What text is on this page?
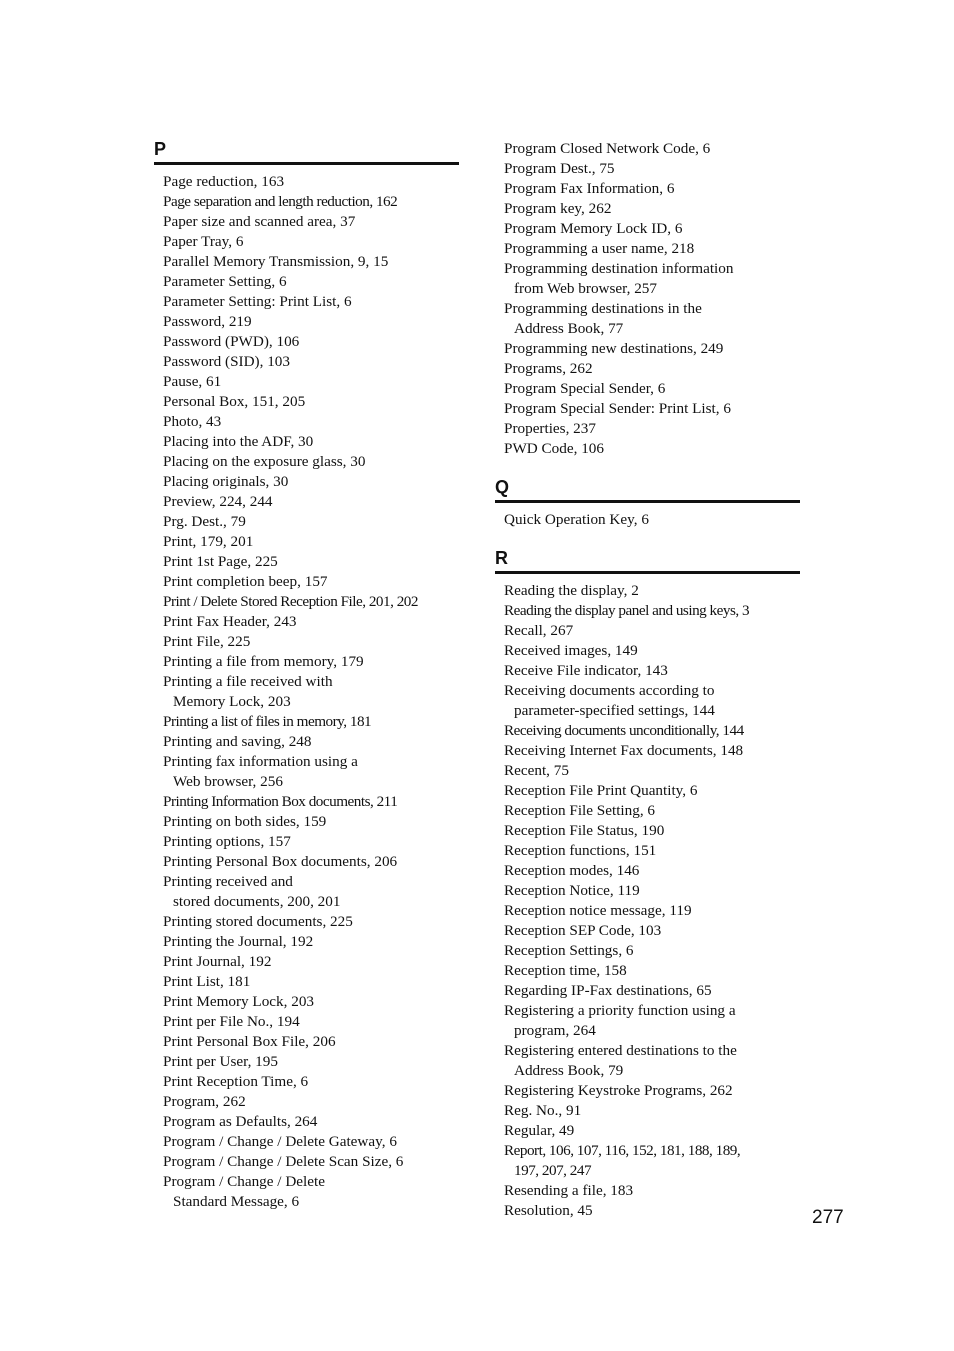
P
Page reduction, 163
Page separation and length reduction, 162
Paper size and scanned area, 37
Paper Tray, 6
Parallel Memory Transmission, 9, 15
Parameter Setting, 6
Parameter Setting: Print List, 6
Password, 219
Password (PWD), 106
Password (SID), 103
Pause, 61
Personal Box, 151, 205
Photo, 43
Placing into the ADF, 30
Placing on the exposure glass, 30
Placing originals, 30
Preview, 224, 244
Prg. Dest., 79
Print, 179, 201
Print 1st Page, 225
Print completion beep, 157
Print / Delete Stored Reception File, 201, 202
Print Fax Header, 243
Print File, 225
Printing a file from memory, 179
Printing a file received with
Memory Lock, 203
Printing a list of files in memory, 181
Printing and saving, 248
Printing fax information using a
Web browser, 256
Printing Information Box documents, 211
Printing on both sides, 159
Printing options, 157
Printing Personal Box documents, 206
Printing received and
stored documents, 200, 201
Printing stored documents, 225
Printing the Journal, 192
Print Journal, 192
Print List, 181
Print Memory Lock, 203
Print per File No., 194
Print Personal Box File, 206
Print per User, 195
Print Reception Time, 6
Program, 262
Program as Defaults, 264
Program / Change / Delete Gateway, 6
Program / Change / Delete Scan Size, 6
Program / Change / Delete
Standard Message, 6
Program Closed Network Code, 6
Program Dest., 75
Program Fax Information, 6
Program key, 262
Program Memory Lock ID, 6
Programming a user name, 218
Programming destination information
from Web browser, 257
Programming destinations in the
Address Book, 77
Programming new destinations, 249
Programs, 262
Program Special Sender, 6
Program Special Sender: Print List, 6
Properties, 237
PWD Code, 106
Q
Quick Operation Key, 6
R
Reading the display, 2
Reading the display panel and using keys, 3
Recall, 267
Received images, 149
Receive File indicator, 143
Receiving documents according to
parameter-specified settings, 144
Receiving documents unconditionally, 144
Receiving Internet Fax documents, 148
Recent, 75
Reception File Print Quantity, 6
Reception File Setting, 6
Reception File Status, 190
Reception functions, 151
Reception modes, 146
Reception Notice, 119
Reception notice message, 119
Reception SEP Code, 103
Reception Settings, 6
Reception time, 158
Regarding IP-Fax destinations, 65
Registering a priority function using a
program, 264
Registering entered destinations to the
Address Book, 79
Registering Keystroke Programs, 262
Reg. No., 91
Regular, 49
Report, 106, 107, 116, 152, 181, 188, 189,
197, 207, 247
Resending a file, 183
Resolution, 45	277
